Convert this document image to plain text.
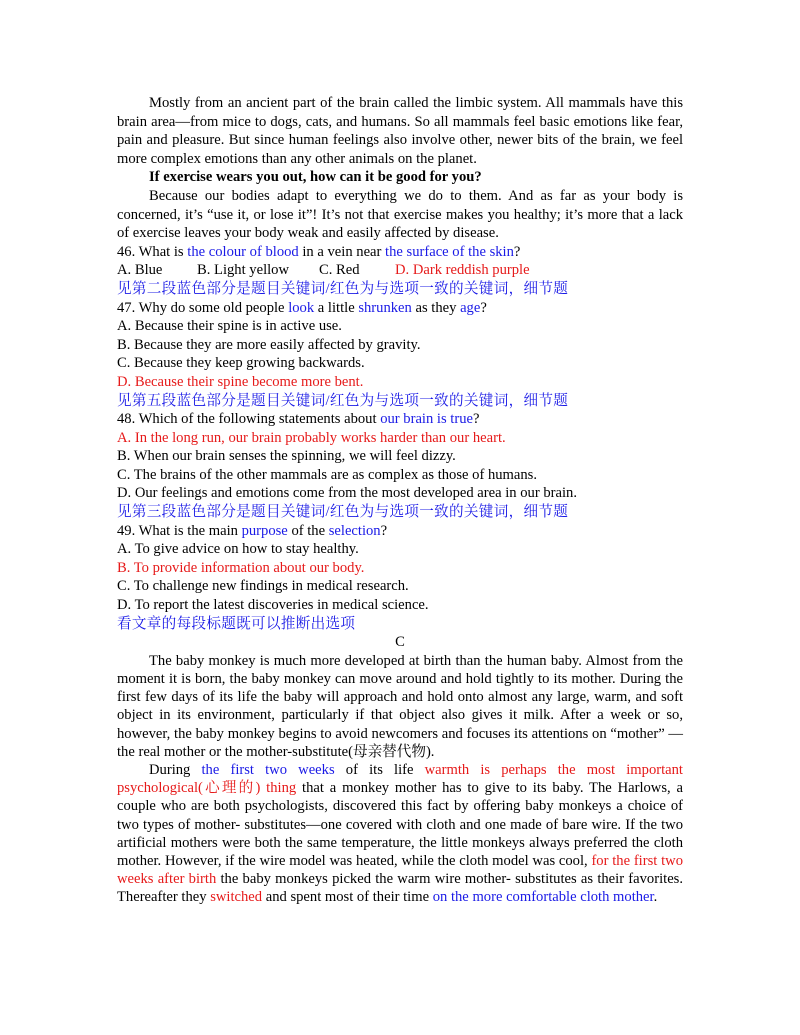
Mostly from an ancient part of the brain called the limbic system. All mammals have this brain area—from mice to dogs, cats, and humans. So all mammals feel basic emotions like fear, pain and pleasure. But since human feelings also involve other, newer bits of the brain, we feel more complex emotions than any other animals on the planet.

If exercise wears you out, how can it be good for you?

Because our bodies adapt to everything we do to them. And as far as your body is concerned, it’s “use it, or lose it”! It’s not that exercise makes you healthy; it’s more that a lack of exercise leaves your body weak and easily affected by disease.

46. What is the colour of blood in a vein near the surface of the skin?

A. Blue B. Light yellow C. Red D. Dark reddish purple

见第二段蓝色部分是题目关键词/红色为与选项一致的关键词，细节题

47. Why do some old people look a little shrunken as they age?

A. Because their spine is in active use.

B. Because they are more easily affected by gravity.

C. Because they keep growing backwards.

D. Because their spine become more bent.

见第五段蓝色部分是题目关键词/红色为与选项一致的关键词，细节题

48. Which of the following statements about our brain is true?

A. In the long run, our brain probably works harder than our heart.

B. When our brain senses the spinning, we will feel dizzy.

C. The brains of the other mammals are as complex as those of humans.

D. Our feelings and emotions come from the most developed area in our brain.

见第三段蓝色部分是题目关键词/红色为与选项一致的关键词，细节题

49. What is the main purpose of the selection?

A. To give advice on how to stay healthy.

B. To provide information about our body.

C. To challenge new findings in medical research.

D. To report the latest discoveries in medical science.

看文章的每段标题既可以推断出选项

C

The baby monkey is much more developed at birth than the human baby. Almost from the moment it is born, the baby monkey can move around and hold tightly to its mother. During the first few days of its life the baby will approach and hold onto almost any large, warm, and soft object in its environment, particularly if that object also gives it milk. After a week or so, however, the baby monkey begins to avoid newcomers and focuses its attentions on “mother” —the real mother or the mother-substitute(母亲替代物).

During the first two weeks of its life warmth is perhaps the most important psychological(心理的) thing that a monkey mother has to give to its baby. The Harlows, a couple who are both psychologists, discovered this fact by offering baby monkeys a choice of two types of mother- substitutes—one covered with cloth and one made of bare wire. If the two artificial mothers were both the same temperature, the little monkeys always preferred the cloth mother. However, if the wire model was heated, while the cloth model was cool, for the first two weeks after birth the baby monkeys picked the warm wire mother- substitutes as their favorites. Thereafter they switched and spent most of their time on the more comfortable cloth mother.
